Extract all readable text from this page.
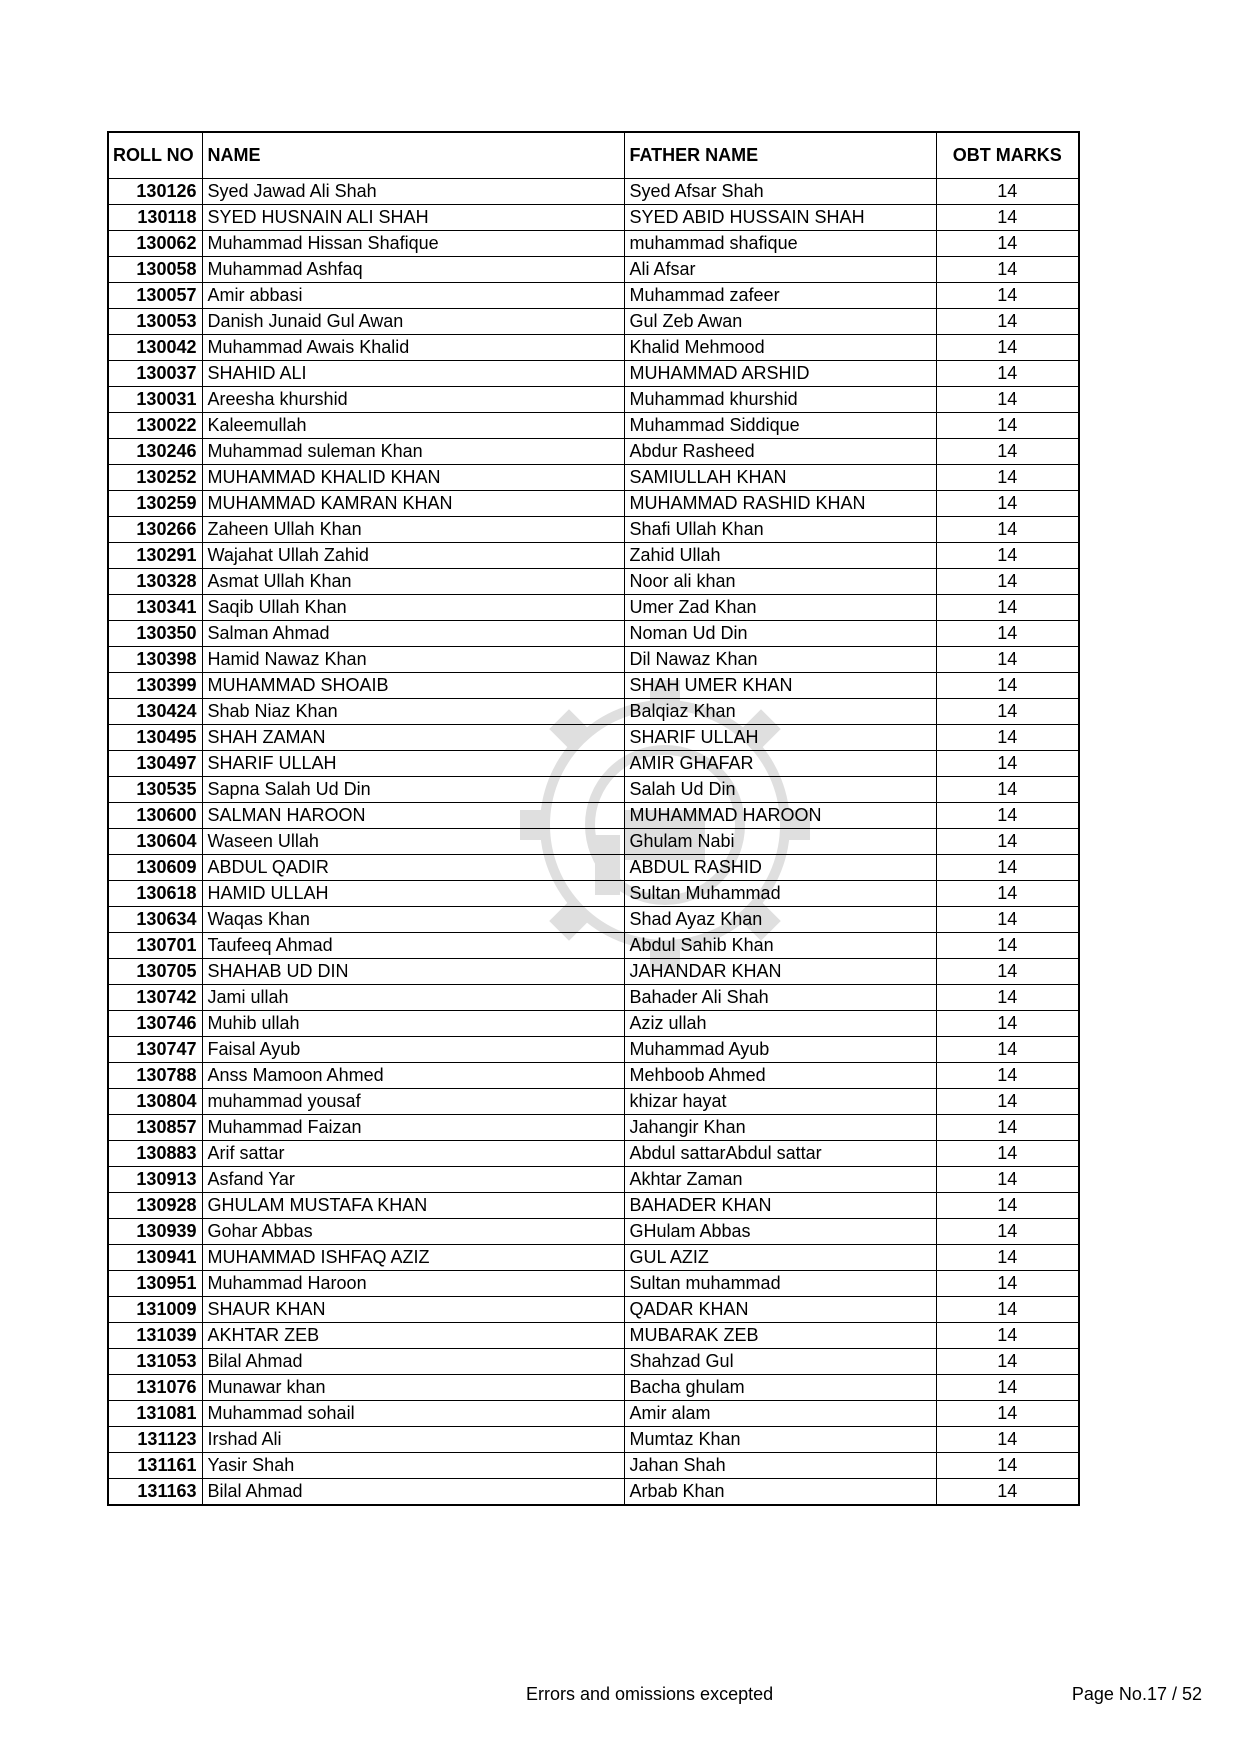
ROLL NO	NAME	FATHER NAME	OBT MARKS
130126	Syed Jawad Ali Shah	Syed Afsar Shah	14
130118	SYED HUSNAIN ALI SHAH	SYED ABID HUSSAIN SHAH	14
130062	Muhammad Hissan Shafique	muhammad shafique	14
130058	Muhammad Ashfaq	Ali Afsar	14
130057	Amir abbasi	Muhammad zafeer	14
130053	Danish Junaid Gul Awan	Gul Zeb Awan	14
130042	Muhammad Awais Khalid	Khalid Mehmood	14
130037	SHAHID ALI	MUHAMMAD ARSHID	14
130031	Areesha khurshid	Muhammad khurshid	14
130022	Kaleemullah	Muhammad Siddique	14
130246	Muhammad suleman Khan	Abdur Rasheed	14
130252	MUHAMMAD KHALID KHAN	SAMIULLAH KHAN	14
130259	MUHAMMAD KAMRAN KHAN	MUHAMMAD RASHID KHAN	14
130266	Zaheen Ullah Khan	Shafi Ullah Khan	14
130291	Wajahat Ullah Zahid	Zahid Ullah	14
130328	Asmat Ullah Khan	Noor ali khan	14
130341	Saqib Ullah Khan	Umer Zad Khan	14
130350	Salman Ahmad	Noman Ud Din	14
130398	Hamid Nawaz Khan	Dil Nawaz Khan	14
130399	MUHAMMAD SHOAIB	SHAH UMER KHAN	14
130424	Shab Niaz Khan	Balqiaz Khan	14
130495	SHAH ZAMAN	SHARIF ULLAH	14
130497	SHARIF ULLAH	AMIR GHAFAR	14
130535	Sapna Salah Ud Din	Salah Ud Din	14
130600	SALMAN HAROON	MUHAMMAD HAROON	14
130604	Waseen Ullah	Ghulam Nabi	14
130609	ABDUL QADIR	ABDUL RASHID	14
130618	HAMID ULLAH	Sultan Muhammad	14
130634	Waqas Khan	Shad Ayaz Khan	14
130701	Taufeeq Ahmad	Abdul Sahib Khan	14
130705	SHAHAB UD DIN	JAHANDAR KHAN	14
130742	Jami ullah	Bahader Ali Shah	14
130746	Muhib ullah	Aziz ullah	14
130747	Faisal Ayub	Muhammad Ayub	14
130788	Anss Mamoon Ahmed	Mehboob Ahmed	14
130804	muhammad yousaf	khizar hayat	14
130857	Muhammad Faizan	Jahangir Khan	14
130883	Arif sattar	Abdul sattarAbdul sattar	14
130913	Asfand Yar	Akhtar Zaman	14
130928	GHULAM MUSTAFA KHAN	BAHADER KHAN	14
130939	Gohar Abbas	GHulam Abbas	14
130941	MUHAMMAD ISHFAQ AZIZ	GUL AZIZ	14
130951	Muhammad Haroon	Sultan muhammad	14
131009	SHAUR KHAN	QADAR KHAN	14
131039	AKHTAR ZEB	MUBARAK ZEB	14
131053	Bilal Ahmad	Shahzad Gul	14
131076	Munawar khan	Bacha ghulam	14
131081	Muhammad sohail	Amir alam	14
131123	Irshad Ali	Mumtaz Khan	14
131161	Yasir Shah	Jahan Shah	14
131163	Bilal Ahmad	Arbab Khan	14
Errors and omissions excepted	Page No.17 / 52
